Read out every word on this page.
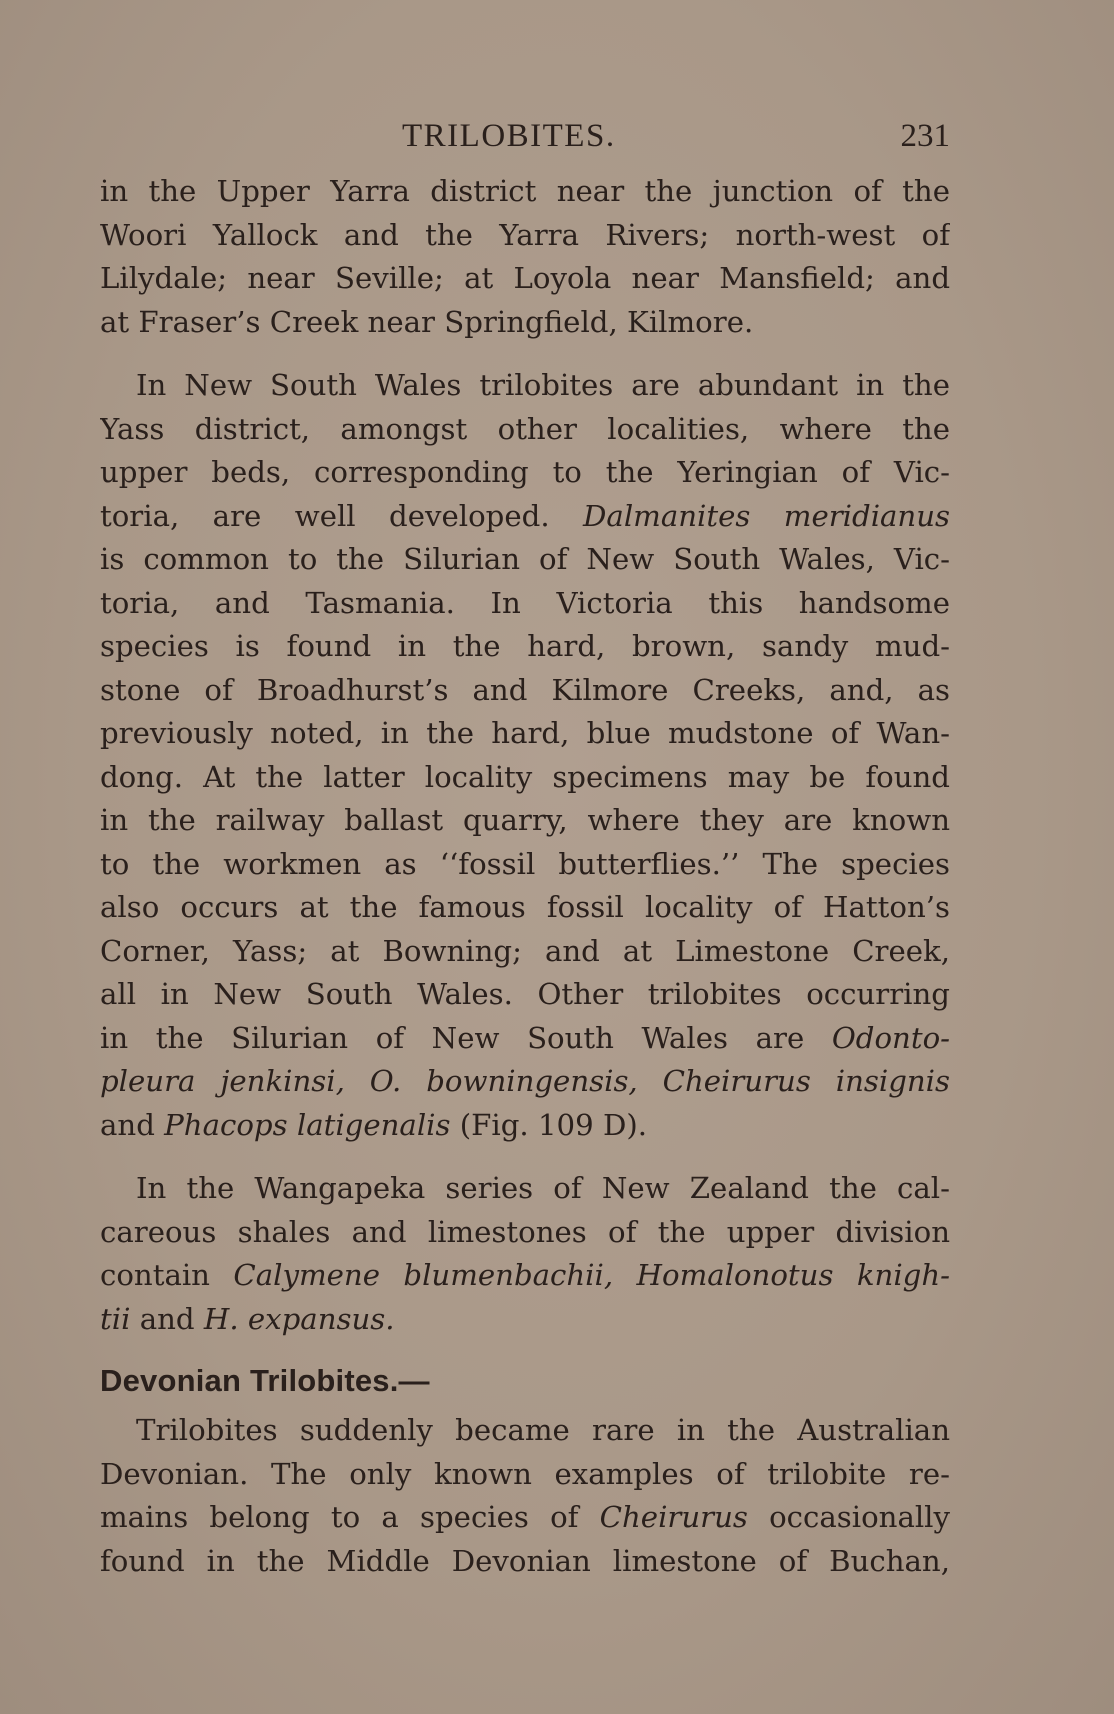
TRILOBITES.	231

in the Upper Yarra district near the junction of the
Woori Yallock and the Yarra Rivers; north-west of
Lilydale; near Seville; at Loyola near Mansfield; and
at Fraser’s Creek near Springfield, Kilmore.

In New South Wales trilobites are abundant in the
Yass district, amongst other localities, where the
upper beds, corresponding to the Yeringian of Vic-
toria, are well developed. Dalmanites meridianus
is common to the Silurian of New South Wales, Vic-
toria, and Tasmania. In Victoria this handsome
species is found in the hard, brown, sandy mud-
stone of Broadhurst’s and Kilmore Creeks, and, as
previously noted, in the hard, blue mudstone of Wan-
dong. At the latter locality specimens may be found
in the railway ballast quarry, where they are known
to the workmen as ‘‘fossil butterflies.’’ The species
also occurs at the famous fossil locality of Hatton’s
Corner, Yass; at Bowning; and at Limestone Creek,
all in New South Wales. Other trilobites occurring
in the Silurian of New South Wales are Odonto-
pleura jenkinsi, O. bowningensis, Cheirurus insignis
and Phacops latigenalis (Fig. 109 D).

In the Wangapeka series of New Zealand the cal-
careous shales and limestones of the upper division
contain Calymene blumenbachii, Homalonotus knigh-
tii and H. expansus.

Devonian Trilobites.—

Trilobites suddenly became rare in the Australian
Devonian. The only known examples of trilobite re-
mains belong to a species of Cheirurus occasionally
found in the Middle Devonian limestone of Buchan,
